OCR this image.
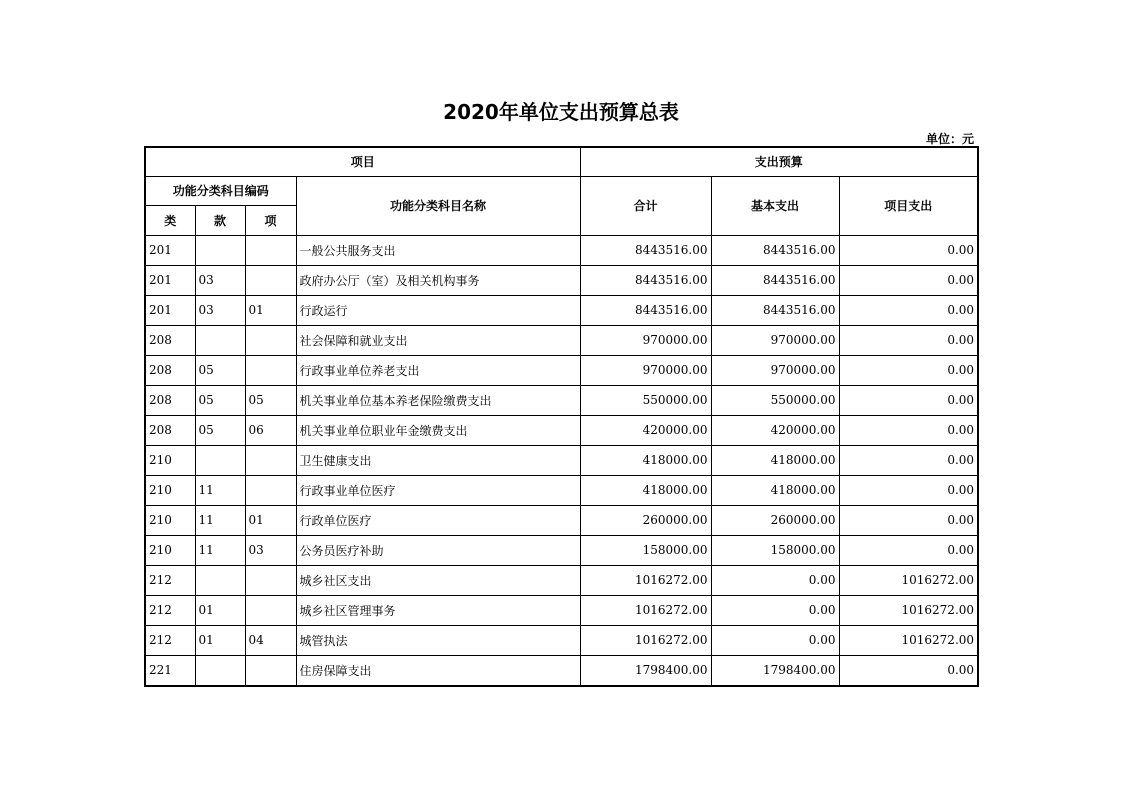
2020年单位支出预算总表
单位：元
项目				支出预算		
功能分类科目编码			功能分类科目名称	合计	基本支出	项目支出
类	款	项				
201			一般公共服务支出	8443516.00	8443516.00	0.00
201	03		政府办公厅（室）及相关机构事务	8443516.00	8443516.00	0.00
201	03	01	行政运行	8443516.00	8443516.00	0.00
208			社会保障和就业支出	970000.00	970000.00	0.00
208	05		行政事业单位养老支出	970000.00	970000.00	0.00
208	05	05	机关事业单位基本养老保险缴费支出	550000.00	550000.00	0.00
208	05	06	机关事业单位职业年金缴费支出	420000.00	420000.00	0.00
210			卫生健康支出	418000.00	418000.00	0.00
210	11		行政事业单位医疗	418000.00	418000.00	0.00
210	11	01	行政单位医疗	260000.00	260000.00	0.00
210	11	03	公务员医疗补助	158000.00	158000.00	0.00
212			城乡社区支出	1016272.00	0.00	1016272.00
212	01		城乡社区管理事务	1016272.00	0.00	1016272.00
212	01	04	城管执法	1016272.00	0.00	1016272.00
221			住房保障支出	1798400.00	1798400.00	0.00
